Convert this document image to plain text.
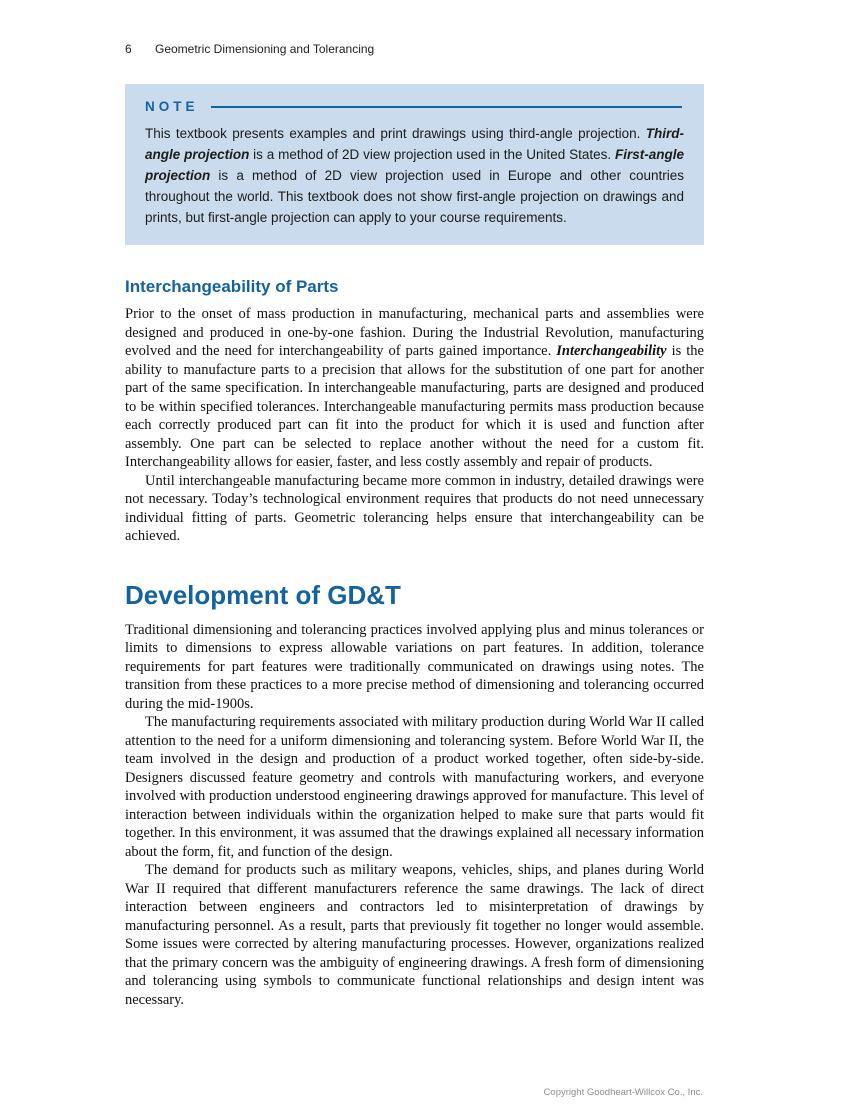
6 Geometric Dimensioning and Tolerancing
NOTE

This textbook presents examples and print drawings using third-angle projection. Third-angle projection is a method of 2D view projection used in the United States. First-angle projection is a method of 2D view projection used in Europe and other countries throughout the world. This textbook does not show first-angle projection on drawings and prints, but first-angle projection can apply to your course requirements.

Interchangeability of Parts

Prior to the onset of mass production in manufacturing, mechanical parts and assemblies were designed and produced in one-by-one fashion. During the Industrial Revolution, manufacturing evolved and the need for interchangeability of parts gained importance. Interchangeability is the ability to manufacture parts to a precision that allows for the substitution of one part for another part of the same specification. In interchangeable manufacturing, parts are designed and produced to be within specified tolerances. Interchangeable manufacturing permits mass production because each correctly produced part can fit into the product for which it is used and function after assembly. One part can be selected to replace another without the need for a custom fit. Interchangeability allows for easier, faster, and less costly assembly and repair of products.

Until interchangeable manufacturing became more common in industry, detailed drawings were not necessary. Today’s technological environment requires that products do not need unnecessary individual fitting of parts. Geometric tolerancing helps ensure that interchangeability can be achieved.

Development of GD&T

Traditional dimensioning and tolerancing practices involved applying plus and minus tolerances or limits to dimensions to express allowable variations on part features. In addition, tolerance requirements for part features were traditionally communicated on drawings using notes. The transition from these practices to a more precise method of dimensioning and tolerancing occurred during the mid-1900s.

The manufacturing requirements associated with military production during World War II called attention to the need for a uniform dimensioning and tolerancing system. Before World War II, the team involved in the design and production of a product worked together, often side-by-side. Designers discussed feature geometry and controls with manufacturing workers, and everyone involved with production understood engineering drawings approved for manufacture. This level of interaction between individuals within the organization helped to make sure that parts would fit together. In this environment, it was assumed that the drawings explained all necessary information about the form, fit, and function of the design.

The demand for products such as military weapons, vehicles, ships, and planes during World War II required that different manufacturers reference the same drawings. The lack of direct interaction between engineers and contractors led to misinterpretation of drawings by manufacturing personnel. As a result, parts that previously fit together no longer would assemble. Some issues were corrected by altering manufacturing processes. However, organizations realized that the primary concern was the ambiguity of engineering drawings. A fresh form of dimensioning and tolerancing using symbols to communicate functional relationships and design intent was necessary.

Copyright Goodheart-Willcox Co., Inc.
